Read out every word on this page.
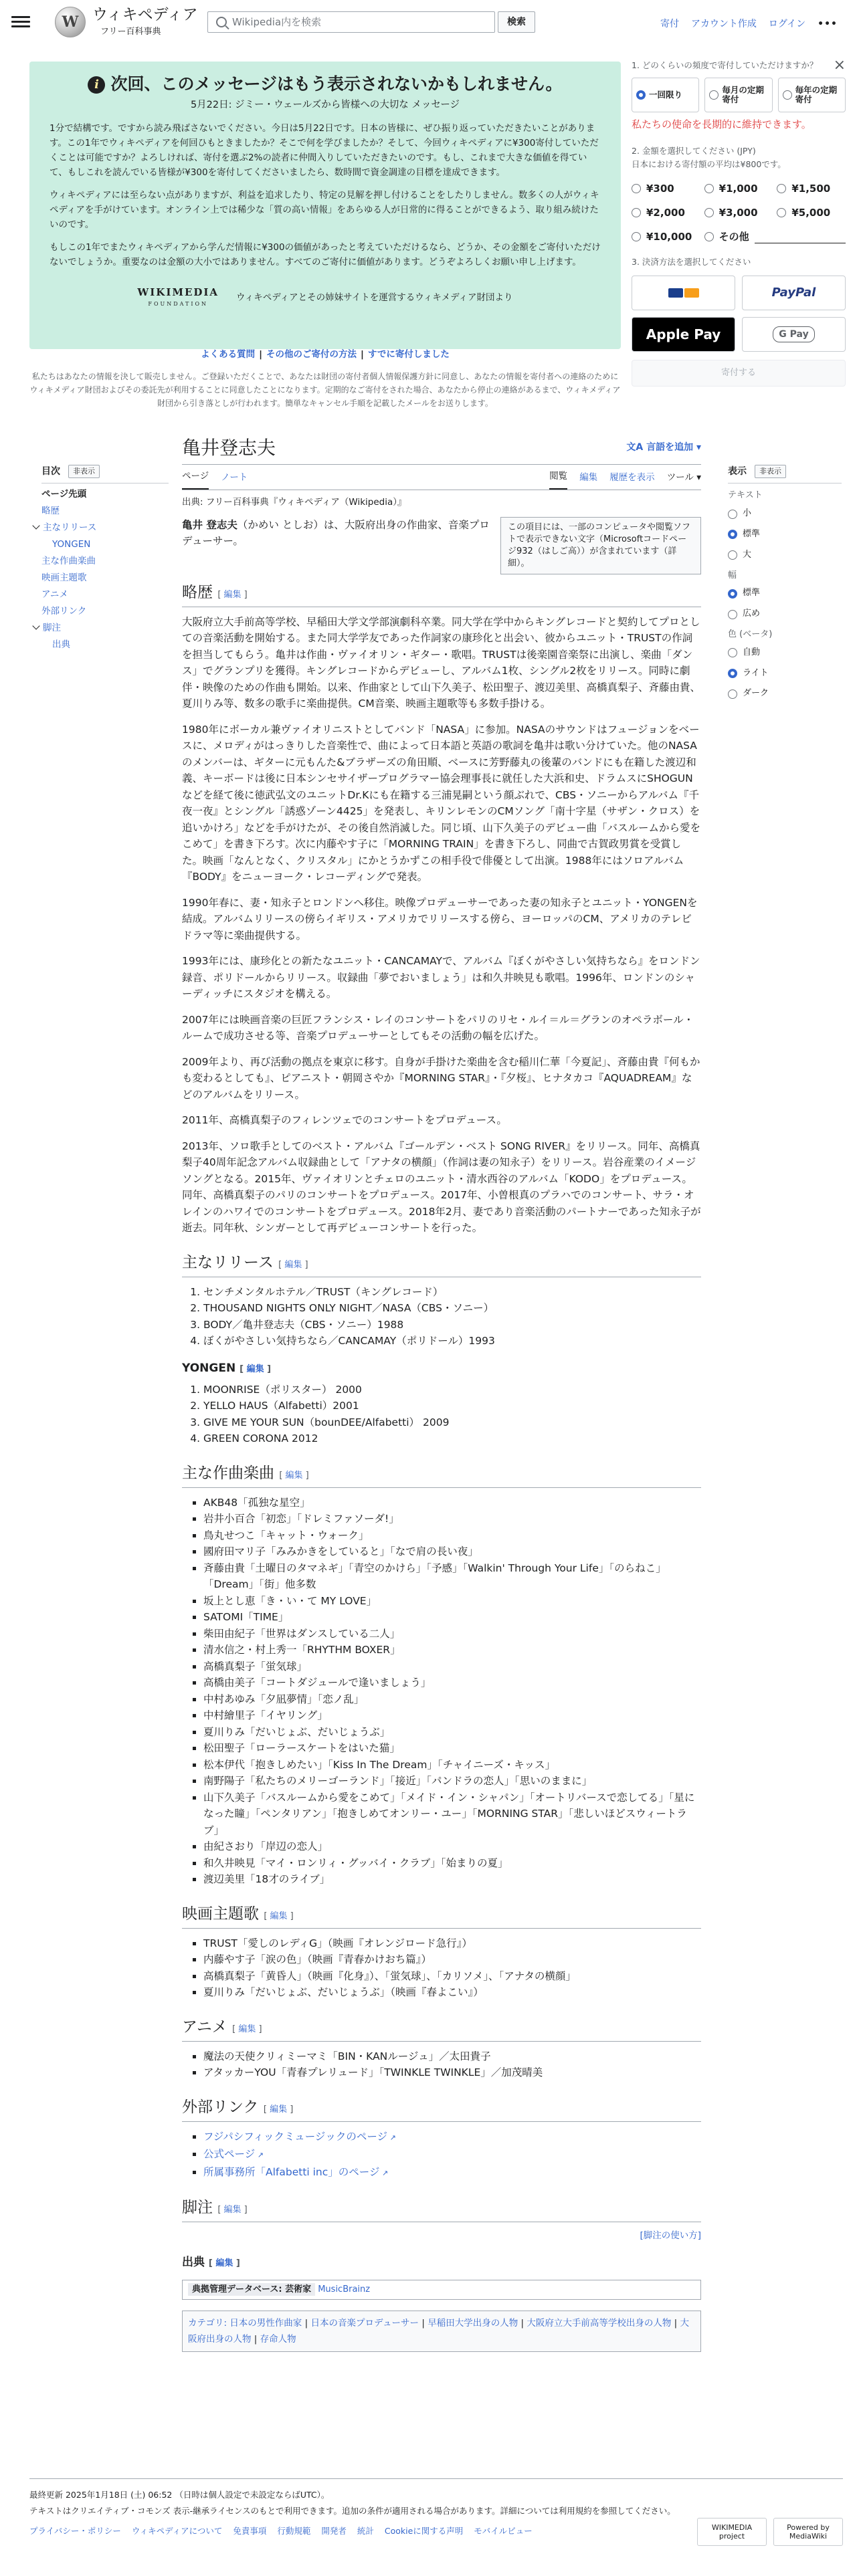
W ウィキペディア
フリー百科事典
Wikipedia内を検索	検索	寄付 アカウント作成 ログイン •••
i 次回、このメッセージはもう表示されないかもしれません。
5月22日: ジミー・ウェールズから皆様への大切な メッセージ

1分で結構です。ですから読み飛ばさないでください。今日は5月22日です。日本の皆様に、ぜひ振り返っていただきたいことがあります。この1年でウィキペディアを何回ひもときましたか？そこで何を学びましたか？そして、今回ウィキペディアに¥300寄付していただくことは可能ですか？よろしければ、寄付を選ぶ2%の読者に仲間入りしていただきたいのです。もし、これまで大きな価値を得ていて、もしこれを読んでいる皆様が¥300を寄付してくださいましたら、数時間で資金調達の目標を達成できます。

ウィキペディアには至らない点がありますが、利益を追求したり、特定の見解を押し付けることをしたりしません。数多くの人がウィキペディアを手がけています。オンライン上では稀少な「質の高い情報」をあらゆる人が日常的に得ることができるよう、取り組み続けたいのです。

もしこの1年でまたウィキペディアから学んだ情報に¥300の価値があったと考えていただけるなら、どうか、その金額をご寄付いただけないでしょうか。重要なのは金額の大小ではありません。すべてのご寄付に価値があります。どうぞよろしくお願い申し上げます。

WIKIMEDIA
FOUNDATION
ウィキペディアとその姉妹サイトを運営するウィキメディア財団より
よくある質問 | その他のご寄付の方法 | すでに寄付しました
私たちはあなたの情報を決して販売しません。ご登録いただくことで、あなたは財団の寄付者個人情報保護方針に同意し、あなたの情報を寄付者への連絡のためにウィキメディア財団およびその委託先が利用することに同意したことになります。定期的なご寄付をされた場合、あなたから停止の連絡があるまで、ウィキメディア財団から引き落としが行われます。簡単なキャンセル手順を記載したメールをお送りします。
1. どのくらいの頻度で寄付していただけますか？	×
一回限り	毎月の定期寄付
毎年の定期寄付
私たちの使命を長期的に維持できます。
2. 金額を選択してください (JPY)
日本における寄付額の平均は¥800です。
¥300	¥1,000	¥1,500
¥2,000	¥3,000	¥5,000
¥10,000	その他
3. 決済方法を選択してください
PayPal
Apple Pay	G Pay
寄付する
目次	非表示
ページ先頭
略歴
主なリリース
YONGEN
主な作曲楽曲
映画主題歌
アニメ
外部リンク
脚注
出典
亀井登志夫	文A 言語を追加 ▾
ページ ノート	閲覧 編集 履歴を表示 ツール ▾
出典: フリー百科事典『ウィキペディア（Wikipedia）』
この項目には、一部のコンピュータや閲覧ソフトで表示できない文字（Microsoftコードページ932（はしご高））が含まれています（詳細）。

亀井 登志夫（かめい としお）は、大阪府出身の作曲家、音楽プロデューサー。

略歴 [ 編集 ]

大阪府立大手前高等学校、早稲田大学文学部演劇科卒業。同大学在学中からキングレコードと契約してプロとしての音楽活動を開始する。また同大学学友であった作詞家の康珍化と出会い、彼からユニット・TRUSTの作詞を担当してもらう。亀井は作曲・ヴァイオリン・ギター・歌唱。TRUSTは後楽園音楽祭に出演し、楽曲「ダンス」でグランプリを獲得。キングレコードからデビューし、アルバム1枚、シングル2枚をリリース。同時に劇伴・映像のための作曲も開始。以来、作曲家として山下久美子、松田聖子、渡辺美里、高橋真梨子、斉藤由貴、夏川りみ等、数多の歌手に楽曲提供。CM音楽、映画主題歌等も多数手掛ける。

1980年にボーカル兼ヴァイオリニストとしてバンド「NASA」に参加。NASAのサウンドはフュージョンをベースに、メロディがはっきりした音楽性で、曲によって日本語と英語の歌詞を亀井は歌い分けていた。他のNASAのメンバーは、ギターに元もんた&ブラザーズの角田順、ベースに芳野藤丸の後輩のバンドにも在籍した渡辺和義、キーボードは後に日本シンセサイザープログラマー協会理事長に就任した大浜和史、ドラムスにSHOGUNなどを経て後に徳武弘文のユニットDr.Kにも在籍する三浦晃嗣という顔ぶれで、CBS・ソニーからアルバム『千夜一夜』とシングル「誘惑ゾーン4425」を発表し、キリンレモンのCMソング「南十字星（サザン・クロス）を追いかけろ」などを手がけたが、その後自然消滅した。同じ頃、山下久美子のデビュー曲「バスルームから愛をこめて」を書き下ろす。次に内藤やす子に「MORNING TRAIN」を書き下ろし、同曲で古賀政男賞を受賞した。映画「なんとなく、クリスタル」にかとうかずこの相手役で俳優として出演。1988年にはソロアルバム『BODY』をニューヨーク・レコーディングで発表。

1990年春に、妻・知永子とロンドンへ移住。映像プロデューサーであった妻の知永子とユニット・YONGENを結成。アルバムリリースの傍らイギリス・アメリカでリリースする傍ら、ヨーロッパのCM、アメリカのテレビドラマ等に楽曲提供する。

1993年には、康珍化との新たなユニット・CANCAMAYで、アルバム『ぼくがやさしい気持ちなら』をロンドン録音、ポリドールからリリース。収録曲「夢でおいましょう」は和久井映見も歌唱。1996年、ロンドンのシャーディッチにスタジオを構える。

2007年には映画音楽の巨匠フランシス・レイのコンサートをパリのリセ・ルイ＝ル＝グランのオペラボール・ルームで成功させる等、音楽プロデューサーとしてもその活動の幅を広げた。

2009年より、再び活動の拠点を東京に移す。自身が手掛けた楽曲を含む稲川仁華「今夏記」、斉藤由貴『何もかも変わるとしても』、ピアニスト・朝岡さやか『MORNING STAR』・『夕桜』、ヒナタカコ『AQUADREAM』などのアルバムをリリース。

2011年、高橋真梨子のフィレンツェでのコンサートをプロデュース。

2013年、ソロ歌手としてのベスト・アルバム『ゴールデン・ベスト SONG RIVER』をリリース。同年、高橋真梨子40周年記念アルバム収録曲として「アナタの横顔」（作詞は妻の知永子）をリリース。岩谷産業のイメージソングとなる。2015年、ヴァイオリンとチェロのユニット・清水西谷のアルバム「KODO」をプロデュース。同年、高橋真梨子のパリのコンサートをプロデュース。2017年、小曽根真のプラハでのコンサート、サラ・オレインのハワイでのコンサートをプロデュース。2018年2月、妻であり音楽活動のパートナーであった知永子が逝去。同年秋、シンガーとして再デビューコンサートを行った。

主なリリース [ 編集 ]
1. センチメンタルホテル／TRUST（キングレコード）
2. THOUSAND NIGHTS ONLY NIGHT／NASA（CBS・ソニー）
3. BODY／亀井登志夫（CBS・ソニー）1988
4. ぼくがやさしい気持ちなら／CANCAMAY（ポリドール）1993
YONGEN [ 編集 ]
1. MOONRISE（ポリスター） 2000
2. YELLO HAUS（Alfabetti）2001
3. GIVE ME YOUR SUN（bounDEE/Alfabetti） 2009
4. GREEN CORONA 2012
主な作曲楽曲 [ 編集 ]
▪ AKB48「孤独な星空」
▪ 岩井小百合「初恋」「ドレミファソーダ!」
▪ 鳥丸せつこ「キャット・ウォーク」
▪ 國府田マリ子「みみかきをしていると」「なで肩の長い夜」
▪ 斉藤由貴「土曜日のタマネギ」「青空のかけら」「予感」「Walkin' Through Your Life」「のらねこ」「Dream」「街」他多数
▪ 坂上とし恵「き・い・て MY LOVE」
▪ SATOMI「TIME」
▪ 柴田由紀子「世界はダンスしている二人」
▪ 清水信之・村上秀一「RHYTHM BOXER」
▪ 高橋真梨子「蛍気球」
▪ 高橋由美子「コートダジュールで逢いましょう」
▪ 中村あゆみ「夕凪夢情」「恋ノ乱」
▪ 中村繪里子「イヤリング」
▪ 夏川りみ「だいじょぶ、だいじょうぶ」
▪ 松田聖子「ローラースケートをはいた猫」
▪ 松本伊代「抱きしめたい」「Kiss In The Dream」「チャイニーズ・キッス」
▪ 南野陽子「私たちのメリーゴーランド」「接近」「パンドラの恋人」「思いのままに」
▪ 山下久美子「バスルームから愛をこめて」「メイド・イン・シャパン」「オートリバースで恋してる」「星になった瞳」「ペンタリアン」「抱きしめてオンリー・ユー」「MORNING STAR」「悲しいほどスウィートラブ」
▪ 由紀さおり「岸辺の恋人」
▪ 和久井映見「マイ・ロンリィ・グッバイ・クラブ」「始まりの夏」
▪ 渡辺美里「18才のライブ」
映画主題歌 [ 編集 ]
▪ TRUST「愛しのレディG」（映画『オレンジロード急行』）
▪ 内藤やす子「涙の色」（映画『青春かけおち篇』）
▪ 高橋真梨子「黄昏人」（映画『化身』）、「蛍気球」、「カリソメ」、「アナタの横顔」
▪ 夏川りみ「だいじょぶ、だいじょうぶ」（映画『春よこい』）
アニメ [ 編集 ]
▪ 魔法の天使クリィミーマミ「BIN・KANルージュ」／太田貴子
▪ アタッカーYOU「青春プレリュード」「TWINKLE TWINKLE」／加茂晴美
外部リンク [ 編集 ]
▪ フジパシフィックミュージックのページ ↗
▪ 公式ページ ↗
▪ 所属事務所「Alfabetti inc」のページ ↗
脚注 [ 編集 ]
[脚注の使い方]
出典 [ 編集 ]
典拠管理データベース: 芸術家 MusicBrainz
カテゴリ: 日本の男性作曲家 | 日本の音楽プロデューサー | 早稲田大学出身の人物 | 大阪府立大手前高等学校出身の人物 | 大阪府出身の人物 | 存命人物
表示	非表示
テキスト
小
標準
大
幅
標準
広め
色 (ベータ)
自動
ライト
ダーク
最終更新 2025年1月18日 (土) 06:52 （日時は個人設定で未設定ならばUTC）。
テキストはクリエイティブ・コモンズ 表示-継承ライセンスのもとで利用できます。追加の条件が適用される場合があります。詳細については利用規約を参照してください。
プライバシー・ポリシー ウィキペディアについて 免責事項 行動規範 開発者 統計 Cookieに関する声明 モバイルビュー	WIKIMEDIA project
Powered by MediaWiki
